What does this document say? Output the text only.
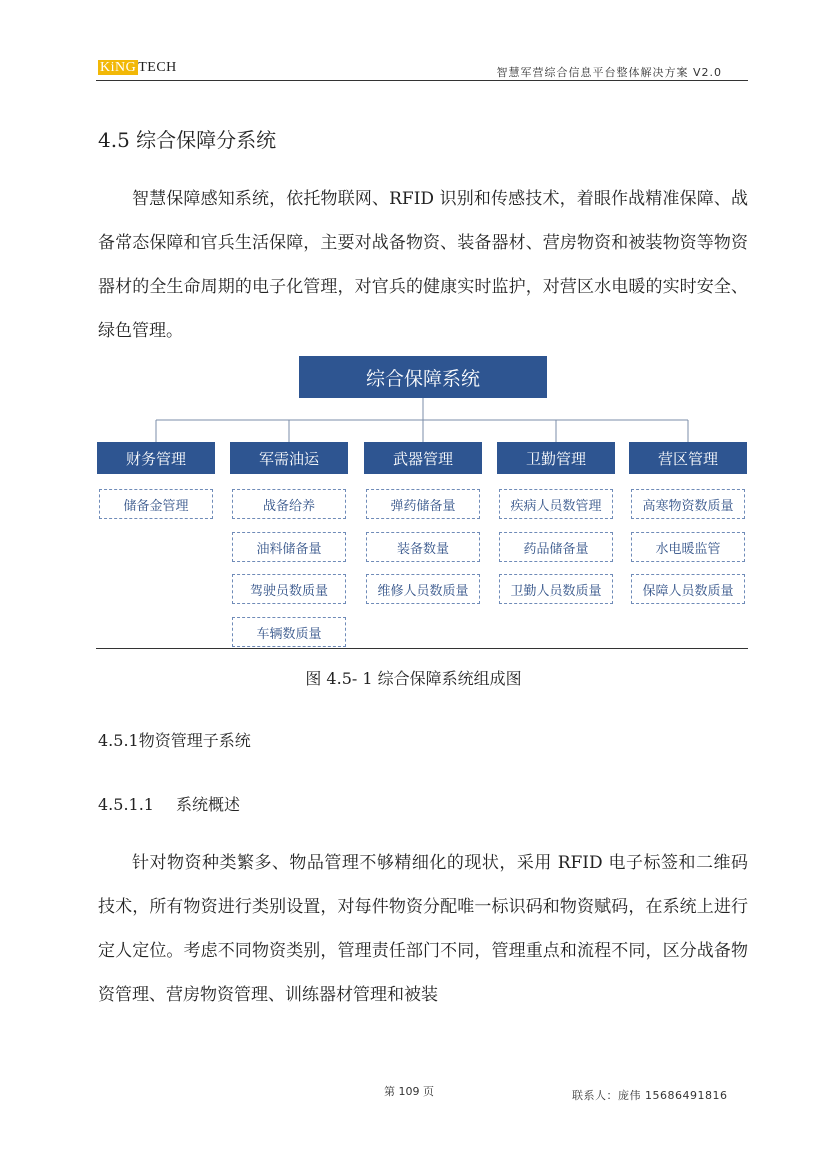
KiNG TECH	智慧军营综合信息平台整体解决方案 V2.0
4.5 综合保障分系统

智慧保障感知系统，依托物联网、RFID 识别和传感技术，着眼作战精准保障、战备常态保障和官兵生活保障，主要对战备物资、装备器材、营房物资和被装物资等物资器材的全生命周期的电子化管理，对官兵的健康实时监护，对营区水电暖的实时安全、绿色管理。

综合保障系统
财务管理	军需油运	武器管理	卫勤管理	营区管理
储备金管理	战备给养
油料储备量
驾驶员数质量
车辆数质量
弹药储备量
装备数量
维修人员数质量
疾病人员数管理
药品储备量
卫勤人员数质量
高寒物资数质量
水电暖监管
保障人员数质量
图 4.5- 1 综合保障系统组成图
4.5.1物资管理子系统
4.5.1.1 系统概述

针对物资种类繁多、物品管理不够精细化的现状，采用 RFID 电子标签和二维码技术，所有物资进行类别设置，对每件物资分配唯一标识码和物资赋码，在系统上进行定人定位。考虑不同物资类别，管理责任部门不同，管理重点和流程不同，区分战备物资管理、营房物资管理、训练器材管理和被装

第 109 页	联系人：庞伟 15686491816
